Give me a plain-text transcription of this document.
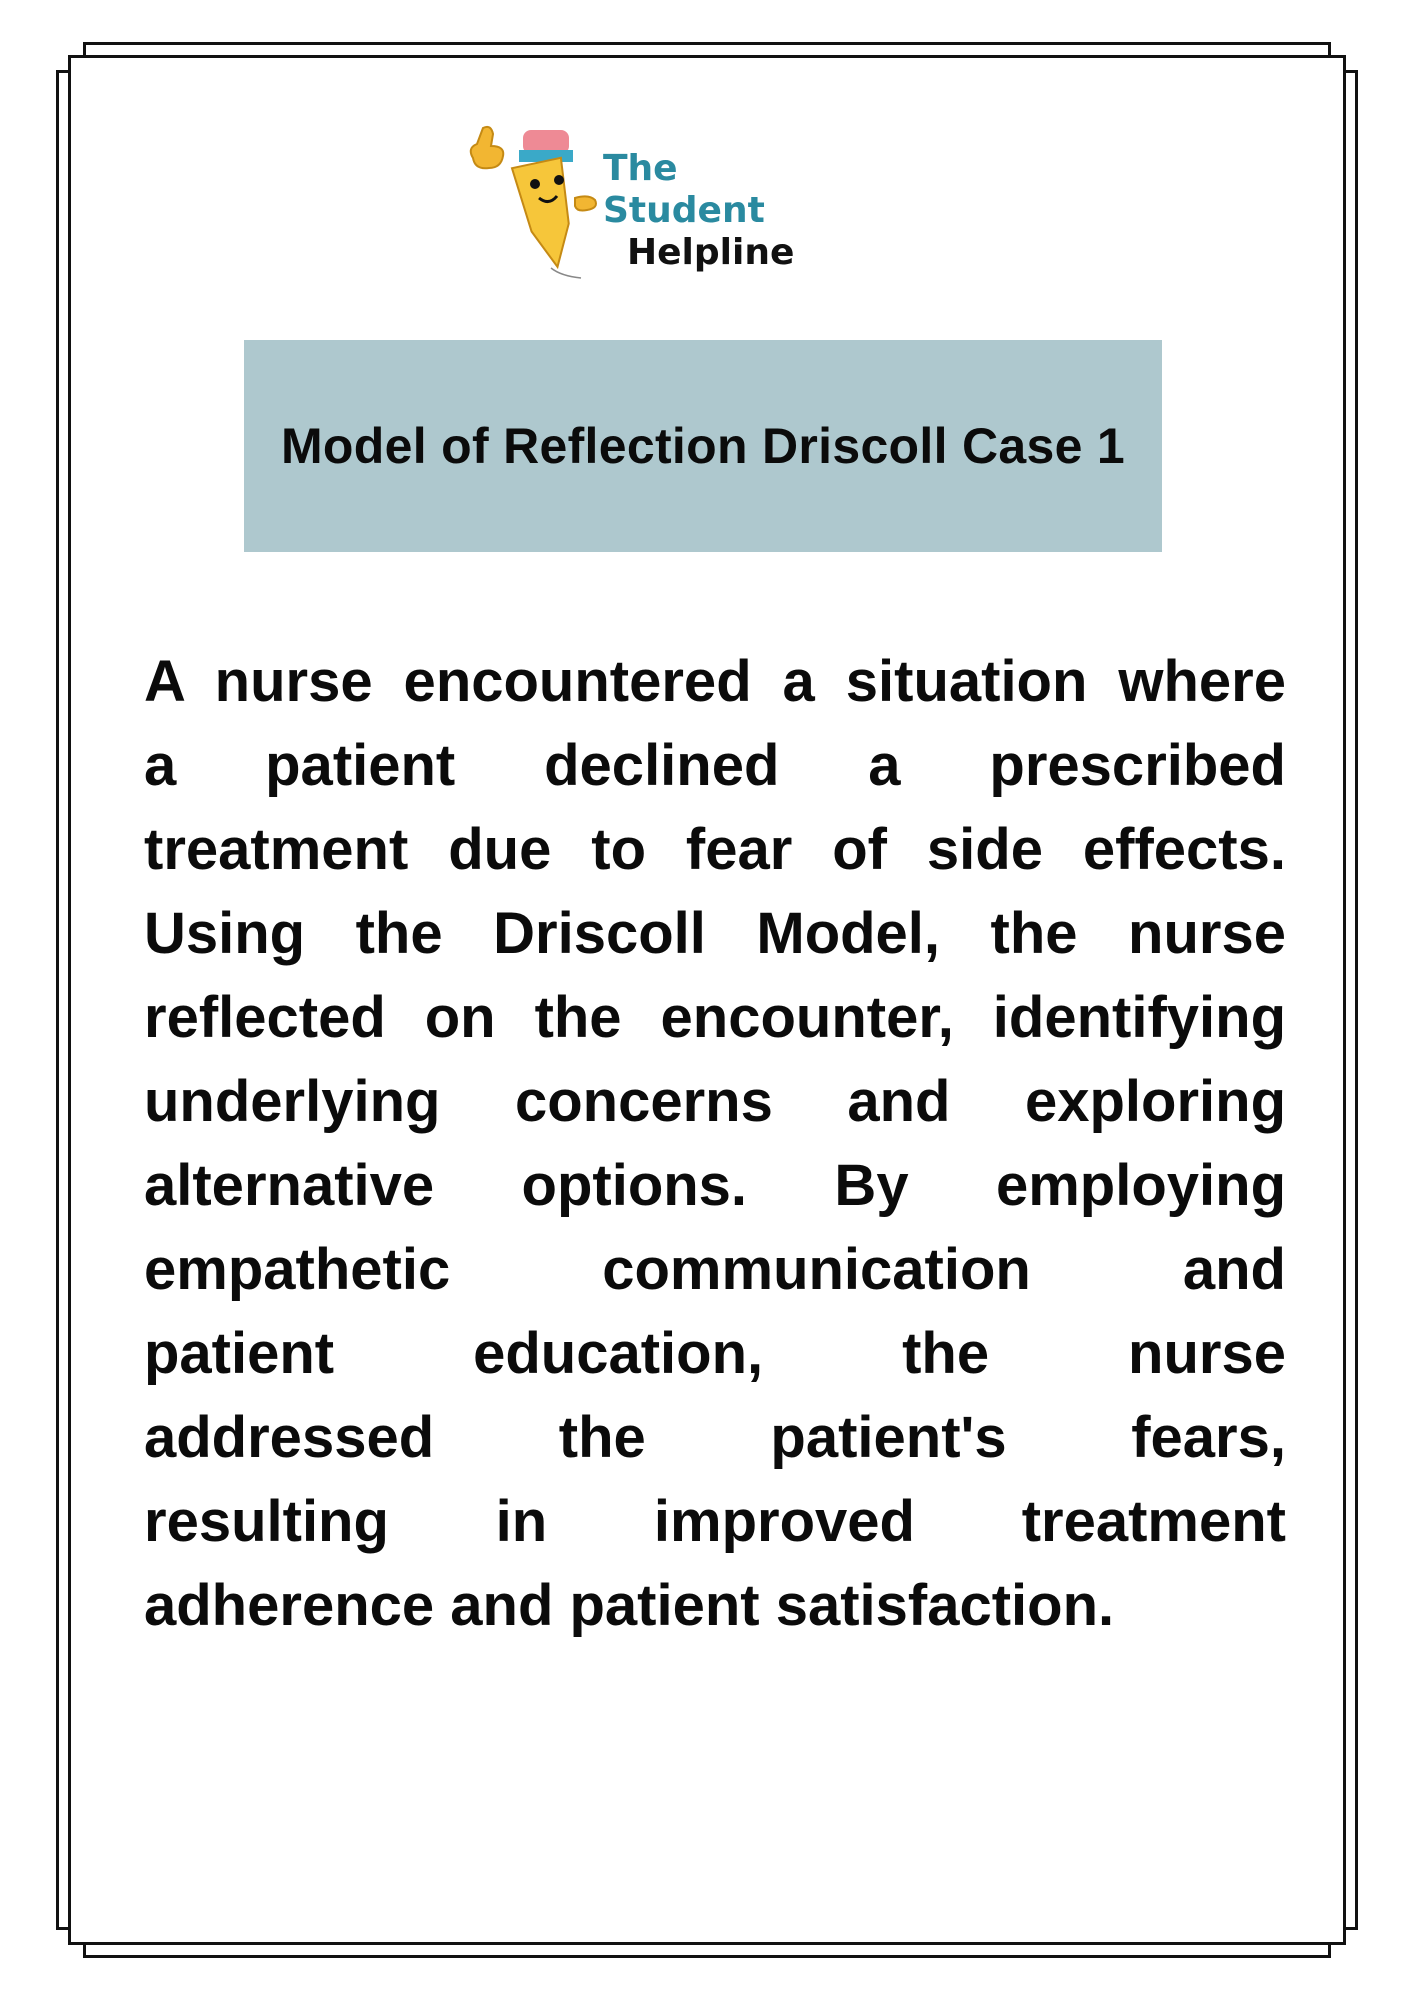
The Student
Helpline
Model of Reflection Driscoll Case 1
A nurse encountered a situation where
a patient declined a prescribed
treatment due to fear of side effects.
Using the Driscoll Model, the nurse
reflected on the encounter, identifying
underlying concerns and exploring
alternative options. By employing
empathetic communication and
patient education, the nurse
addressed the patient's fears,
resulting in improved treatment
adherence and patient satisfaction.
